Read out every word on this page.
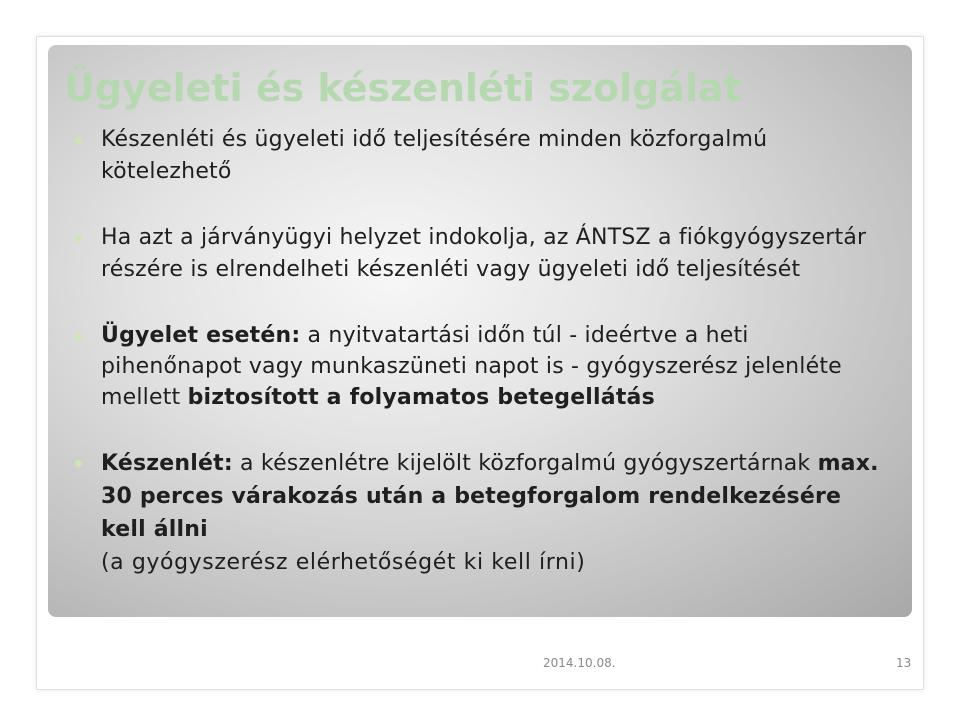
Ügyeleti és készenléti szolgálat
Készenléti és ügyeleti idő teljesítésére minden közforgalmú kötelezhető
Ha azt a járványügyi helyzet indokolja, az ÁNTSZ a fiókgyógyszertár részére is elrendelheti készenléti vagy ügyeleti idő teljesítését
Ügyelet esetén: a nyitvatartási időn túl - ideértve a heti pihenőnapot vagy munkaszüneti napot is - gyógyszerész jelenléte mellett biztosított a folyamatos betegellátás
Készenlét: a készenlétre kijelölt közforgalmú gyógyszertárnak max. 30 perces várakozás után a betegforgalom rendelkezésére kell állni
(a gyógyszerész elérhetőségét ki kell írni)
2014.10.08.	13
